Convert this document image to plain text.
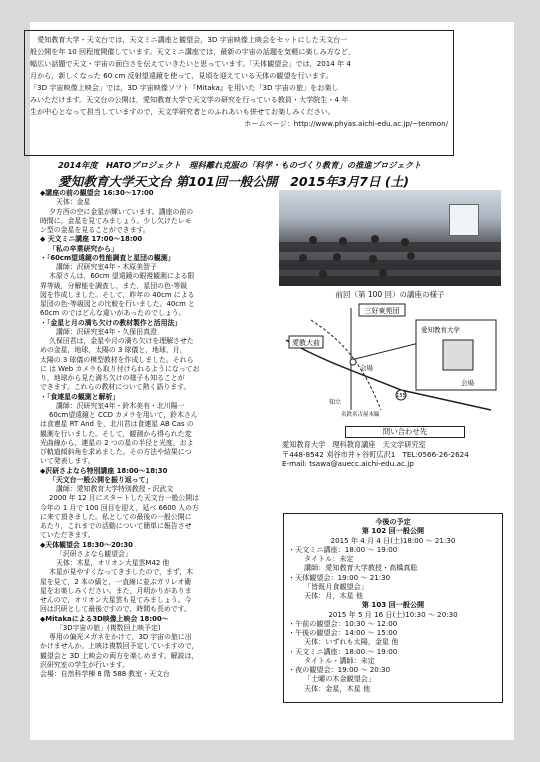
　愛知教育大学・天文台では，天文ミニ講座と観望会，3D 宇宙映像上映会をセットにした天文台一
般公開を年 10 回程度開催しています。天文ミニ講座では，最新の宇宙の話題を気軽に楽しみ方など，
幅広い話題で天文・宇宙の面白さを伝えていきたいと思っています。「天体観望会」では，2014 年 4
月から，新しくなった 60 cm 反射望遠鏡を使って，見頃を迎えている天体の観望を行います。
「3D 宇宙映像上映会」では，3D 宇宙映像ソフト『Mitaka』を用いた「3D 宇宙の旅」をお楽し
みいただけます。天文台の公開は，愛知教育大学で天文学の研究を行っている教員・大学院生・4 年
生が中心となって担当していますので，天文学研究者とのふれあいも併せてお楽しみください。
ホームページ：http://www.phyas.aichi-edu.ac.jp/~tenmon/
2014年度　HATOプロジェクト　理科離れ克服の「科学・ものづくり教育」の推進プロジェクト
愛知教育大学天文台 第101回一般公開　2015年3月7日 (土)
◆講座の前の観望会 16:30～17:00
天体：金星
夕方西の空に金星が輝いています。講座の前の
時間に，金星を見てみましょう。少し欠けたレモ
ン型の金星を見ることができます。
◆ 天文ミニ講座 17:00～18:00
「私の卒業研究から」
・「60cm望遠鏡の性能調査と星団の観測」
講師：沢研究室4年・木原美智子
木原さんは，60cm 望遠鏡の眼視観測による限
界等級，分解能を調査し，また，星団の色-等級
図を作成しました。そして，昨年の 40cm による
星団の色-等級図との比較を行いました。40cm と
60cm のではどんな違いがあったのでしょう。
・「金星と月の満ち欠けの教材製作と活用法」
講師：沢研究室4年・久保田真澄
久保田君は，金星や月の満ち欠けを理解させた
めの金星，地球，太陽の 3 球儀と，地球，月，
太陽の 3 球儀の模型教材を作成しました。それら
に は Web カメラも取り付けられるようになってお
り，地球から見た満ち欠けの様子も知ることが
できます。これらの教材について熱く語ります。
・「食連星の観測と解析」
講師：沢研究室4年・鈴木美有・北川陽一
60cm望遠鏡と CCD カメラを用いて，鈴木さん
は食連星 RT And を，北川君は食連星 AB Cas の
観測を行いました。そして，観測から得られた変
光曲線から，連星の 2 つの星の半径と光度，およ
び軌道傾斜角を求めました。その方法や結果につ
いて発表します。
◆沢研さよなら特別講座 18:00～18:30
「天文台一般公開を振り返って」
講師：愛知教育大学特別教授・沢武文
2000 年 12 月にスタートした天文台一般公開は
今年の 1 月で 100 回目を迎え，延べ 6600 人の方
に来て頂きました。私としての最後の一般公開に
あたり，これまでの活動について簡単に報告させ
ていただきます。
◆天体観望会 18:30～20:30
「沢研さよなら観望会」
天体：木星，オリオン大星雲M42 他
木星が見やすくなってきましたので，まず，木
星を見て，2 本の縞と，一直線に並ぶガリレオ衛
星をお楽しみください。また，月明かりがありま
せんので，オリオン大星雲も見てみましょう。今
回は沢研として最後ですので，時間も長めです。
◆Mitakaによる3D映像上映会 18:00～
「3D宇宙の旅」(複数回上映予定)
専用の偏光メガネをかけて，3D 宇宙の旅に出
かけませんか。上映は複数回予定していますので，
観望会と 3D 上映会の両方を楽しめます。解説は，
沢研究室の学生が行います。
会場：自然科学棟 8 階 588 教室・天文台
前回（第 100 回）の講座の様子
三好東苑団
愛教大前
会場
愛知教育大学
会場
155
知立
名鉄名古屋本線
問い合わせ先
愛知教育大学　理科教育講座　天文学研究室
〒448-8542 刈谷市井ヶ谷町広沢1　TEL:0566-26-2624
E-mail: tsawa@auecc.aichi-edu.ac.jp
今後の予定
第 102 回一般公開
2015 年 4 月 4 日(土)18:00 ～ 21:30
・天文ミニ講座：18:00 ～ 19:00
タイトル：未定
講師：愛知教育大学教授・高橋真聡
・天体観望会：19:00 ～ 21:30
「皆既月食観望会」
天体：月，木星 他
第 103 回一般公開
2015 年 5 月 16 日(土)10:30 ～ 20:30
・午前の観望会：10:30 ～ 12:00
・午後の観望会：14:00 ～ 15:00
天体：いずれも太陽，金星 他
・天文ミニ講座：18:00 ～ 19:00
タイトル・講師：未定
・夜の観望会：19:00 ～ 20:30
「土曜の木金観望会」
天体：金星，木星 他
